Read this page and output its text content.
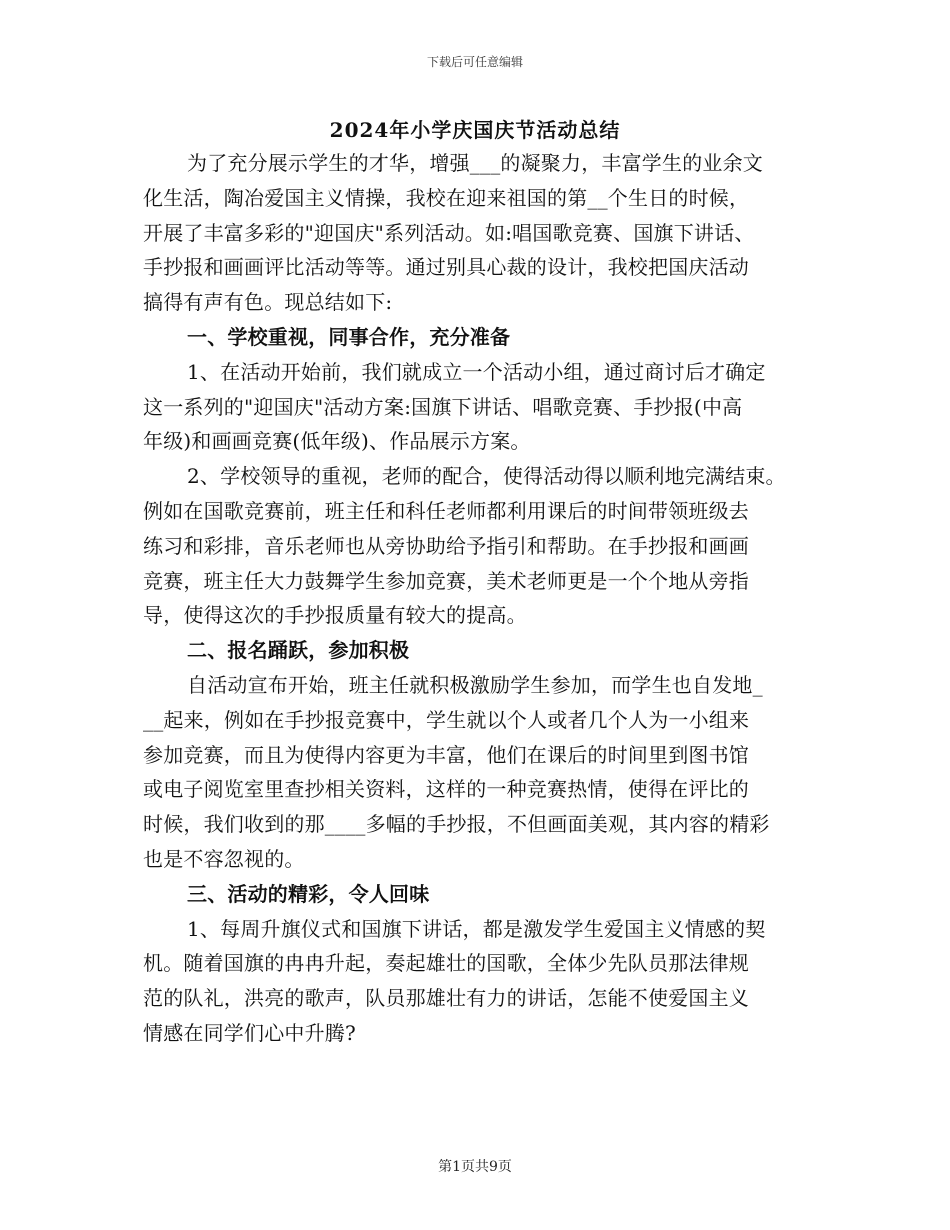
下载后可任意编辑
2024年小学庆国庆节活动总结
为了充分展示学生的才华，增强___的凝聚力，丰富学生的业余文
化生活，陶冶爱国主义情操，我校在迎来祖国的第__个生日的时候，
开展了丰富多彩的"迎国庆"系列活动。如:唱国歌竞赛、国旗下讲话、
手抄报和画画评比活动等等。通过别具心裁的设计，我校把国庆活动
搞得有声有色。现总结如下:
一、学校重视，同事合作，充分准备
1、在活动开始前，我们就成立一个活动小组，通过商讨后才确定
这一系列的"迎国庆"活动方案:国旗下讲话、唱歌竞赛、手抄报(中高
年级)和画画竞赛(低年级)、作品展示方案。
2、学校领导的重视，老师的配合，使得活动得以顺利地完满结束。
例如在国歌竞赛前，班主任和科任老师都利用课后的时间带领班级去
练习和彩排，音乐老师也从旁协助给予指引和帮助。在手抄报和画画
竞赛，班主任大力鼓舞学生参加竞赛，美术老师更是一个个地从旁指
导，使得这次的手抄报质量有较大的提高。
二、报名踊跃，参加积极
自活动宣布开始，班主任就积极激励学生参加，而学生也自发地_
__起来，例如在手抄报竞赛中，学生就以个人或者几个人为一小组来
参加竞赛，而且为使得内容更为丰富，他们在课后的时间里到图书馆
或电子阅览室里查抄相关资料，这样的一种竞赛热情，使得在评比的
时候，我们收到的那____多幅的手抄报，不但画面美观，其内容的精彩
也是不容忽视的。
三、活动的精彩，令人回味
1、每周升旗仪式和国旗下讲话，都是激发学生爱国主义情感的契
机。随着国旗的冉冉升起，奏起雄壮的国歌，全体少先队员那法律规
范的队礼，洪亮的歌声，队员那雄壮有力的讲话，怎能不使爱国主义
情感在同学们心中升腾?
第1页共9页
